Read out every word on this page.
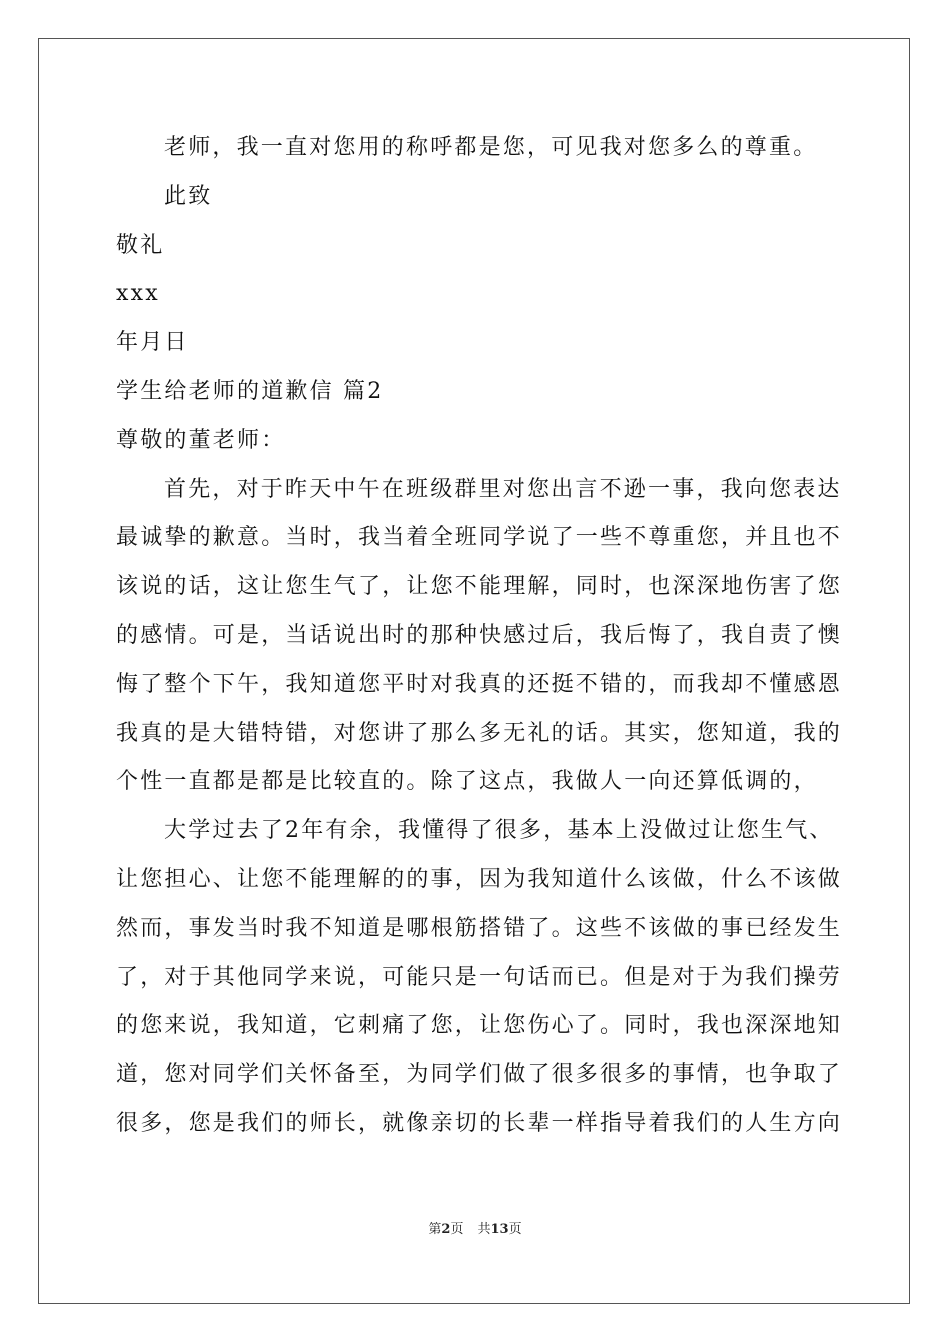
老师，我一直对您用的称呼都是您，可见我对您多么的尊重。
此致
敬礼
xxx
年月日
学生给老师的道歉信 篇2
尊敬的董老师：
首先，对于昨天中午在班级群里对您出言不逊一事，我向您表达
最诚挚的歉意。当时，我当着全班同学说了一些不尊重您，并且也不
该说的话，这让您生气了，让您不能理解，同时，也深深地伤害了您
的感情。可是，当话说出时的那种快感过后，我后悔了，我自责了懊
悔了整个下午，我知道您平时对我真的还挺不错的，而我却不懂感恩
我真的是大错特错，对您讲了那么多无礼的话。其实，您知道，我的
个性一直都是都是比较直的。除了这点，我做人一向还算低调的，
大学过去了2年有余，我懂得了很多，基本上没做过让您生气、
让您担心、让您不能理解的的事，因为我知道什么该做，什么不该做
然而，事发当时我不知道是哪根筋搭错了。这些不该做的事已经发生
了，对于其他同学来说，可能只是一句话而已。但是对于为我们操劳
的您来说，我知道，它刺痛了您，让您伤心了。同时，我也深深地知
道，您对同学们关怀备至，为同学们做了很多很多的事情，也争取了
很多，您是我们的师长，就像亲切的长辈一样指导着我们的人生方向
第2页 共13页
